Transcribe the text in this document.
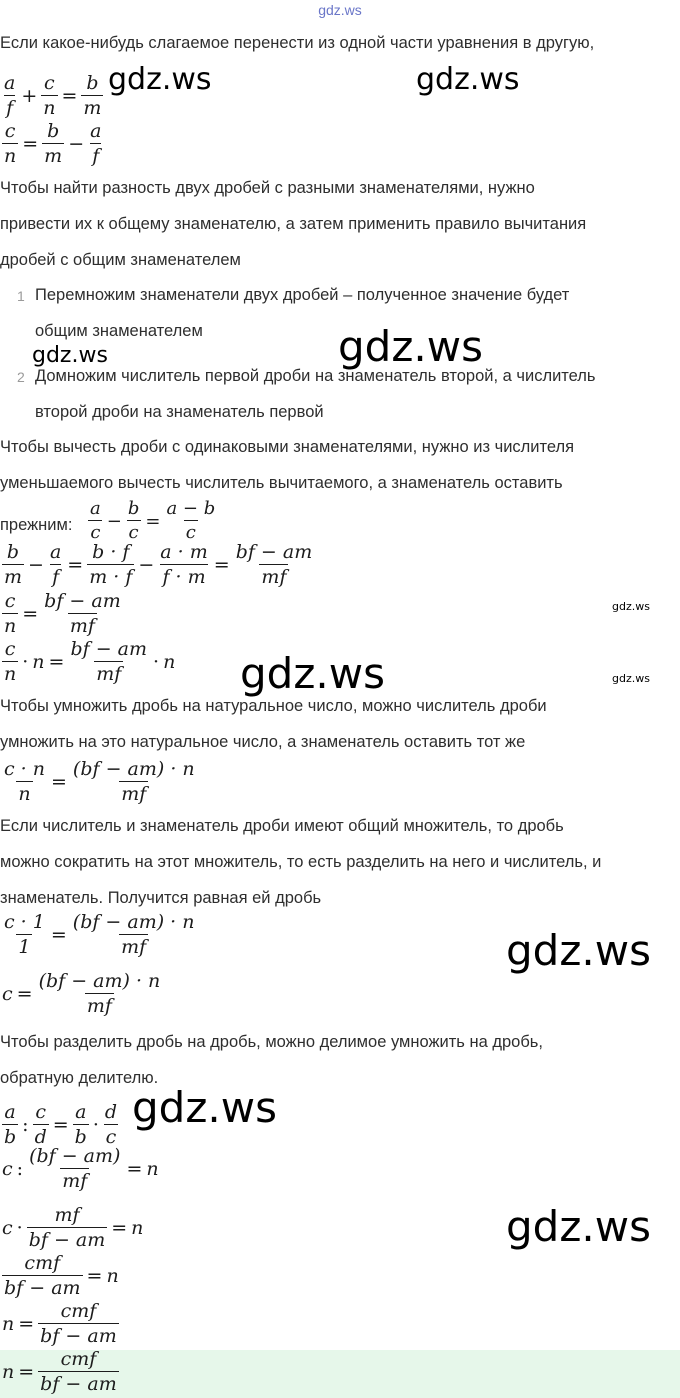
gdz.ws
Если какое-нибудь слагаемое перенести из одной части уравнения в другую,
$\frac{a}{f} + \frac{c}{n} = \frac{b}{m}$
$\frac{c}{n} = \frac{b}{m} - \frac{a}{f}$
Чтобы найти разность двух дробей с разными знаменателями, нужно
привести их к общему знаменателю, а затем применить правило вычитания
дробей с общим знаменателем
1 Перемножим знаменатели двух дробей – полученное значение будет
общим знаменателем
2 Домножим числитель первой дроби на знаменатель второй, а числитель
второй дроби на знаменатель первой
Чтобы вычесть дроби с одинаковыми знаменателями, нужно из числителя
уменьшаемого вычесть числитель вычитаемого, а знаменатель оставить
прежним: $\frac{a}{c} - \frac{b}{c} = \frac{a - b}{c}$
$\frac{b}{m} - \frac{a}{f} = \frac{b \cdot f}{m \cdot f} - \frac{a \cdot m}{f \cdot m} = \frac{bf - am}{mf}$
$\frac{c}{n} = \frac{bf - am}{mf}$
$\frac{c}{n} \cdot n = \frac{bf - am}{mf} \cdot n$
Чтобы умножить дробь на натуральное число, можно числитель дроби
умножить на это натуральное число, а знаменатель оставить тот же
$\frac{c \cdot n}{n} = \frac{(bf - am) \cdot n}{mf}$
Если числитель и знаменатель дроби имеют общий множитель, то дробь
можно сократить на этот множитель, то есть разделить на него и числитель, и
знаменатель. Получится равная ей дробь
$\frac{c \cdot 1}{1} = \frac{(bf - am) \cdot n}{mf}$
$c = \frac{(bf - am) \cdot n}{mf}$
Чтобы разделить дробь на дробь, можно делимое умножить на дробь,
обратную делителю.
$\frac{a}{b}$ : $\frac{c}{d} = \frac{a}{b} \cdot \frac{d}{c}$
c : $\frac{(bf - am)}{mf} = n$
$c \cdot \frac{mf}{bf - am} = n$
$\frac{\text{cmf}}{bf - am} = n$
$n = \frac{\text{cmf}}{bf - am}$
$n = \frac{\text{cmf}}{bf - am}$
gdz.ws	gdz.ws
gdz.ws
gdz.ws
gdz.ws
gdz.ws	gdz.ws
gdz.ws
gdz.ws
gdz.ws
